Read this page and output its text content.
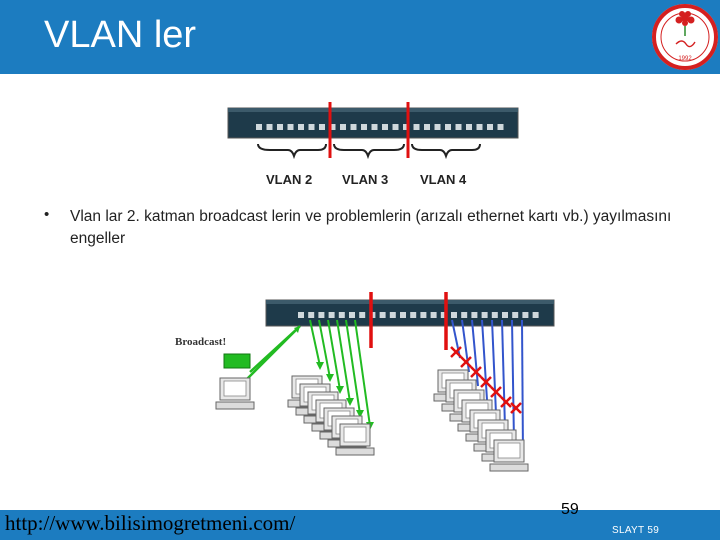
VLAN ler
1992
VLAN 2 VLAN 3 VLAN 4
• Vlan lar 2. katman broadcast lerin ve problemlerin (arızalı ethernet kartı vb.) yayılmasını engeller
Broadcast!
http://www.bilisimogretmeni.com/
59
SLAYT 59
